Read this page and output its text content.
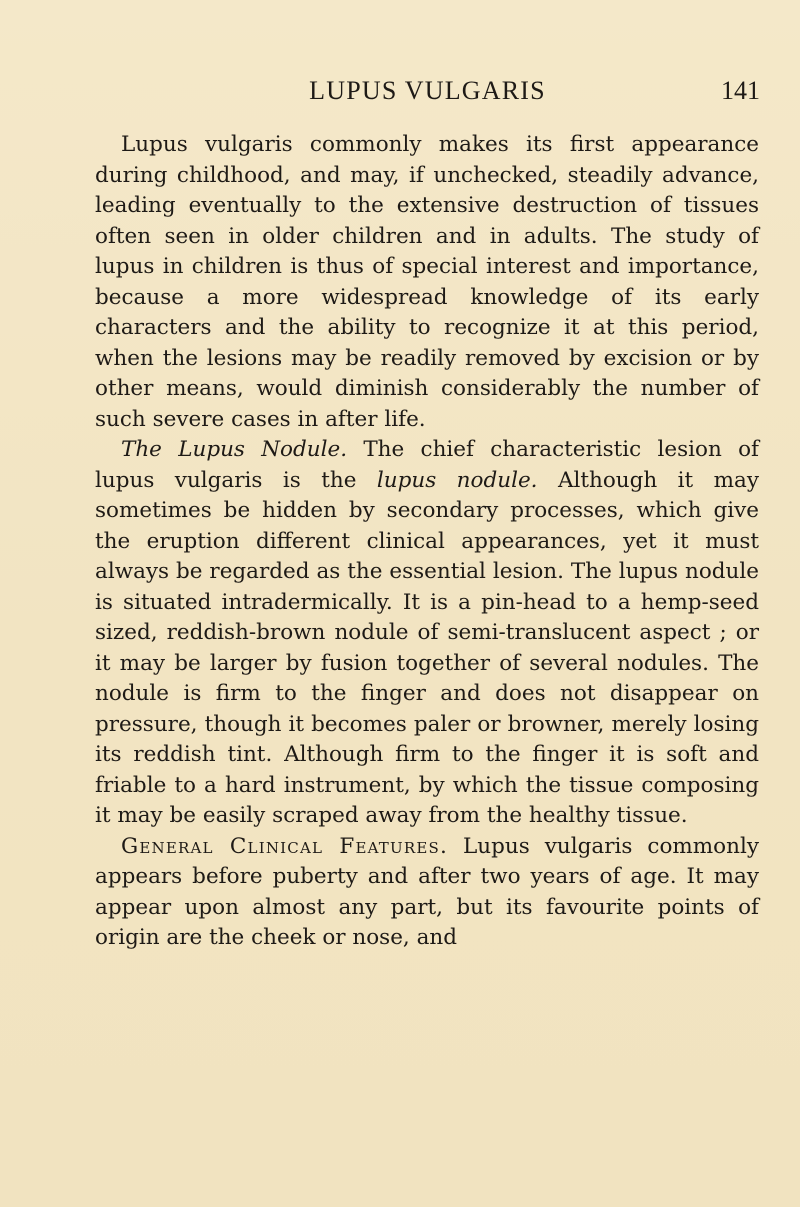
LUPUS VULGARIS	141

Lupus vulgaris commonly makes its first appearance during childhood, and may, if unchecked, steadily advance, leading eventually to the extensive destruction of tissues often seen in older children and in adults. The study of lupus in children is thus of special interest and importance, because a more widespread knowledge of its early characters and the ability to recognize it at this period, when the lesions may be readily removed by excision or by other means, would diminish considerably the number of such severe cases in after life.

The Lupus Nodule. The chief characteristic lesion of lupus vulgaris is the lupus nodule. Although it may sometimes be hidden by secondary processes, which give the eruption different clinical appearances, yet it must always be regarded as the essential lesion. The lupus nodule is situated intradermically. It is a pin-head to a hemp-seed sized, reddish-brown nodule of semi-translucent aspect ; or it may be larger by fusion together of several nodules. The nodule is firm to the finger and does not disappear on pressure, though it becomes paler or browner, merely losing its reddish tint. Although firm to the finger it is soft and friable to a hard instrument, by which the tissue composing it may be easily scraped away from the healthy tissue.

General Clinical Features. Lupus vulgaris commonly appears before puberty and after two years of age. It may appear upon almost any part, but its favourite points of origin are the cheek or nose, and
